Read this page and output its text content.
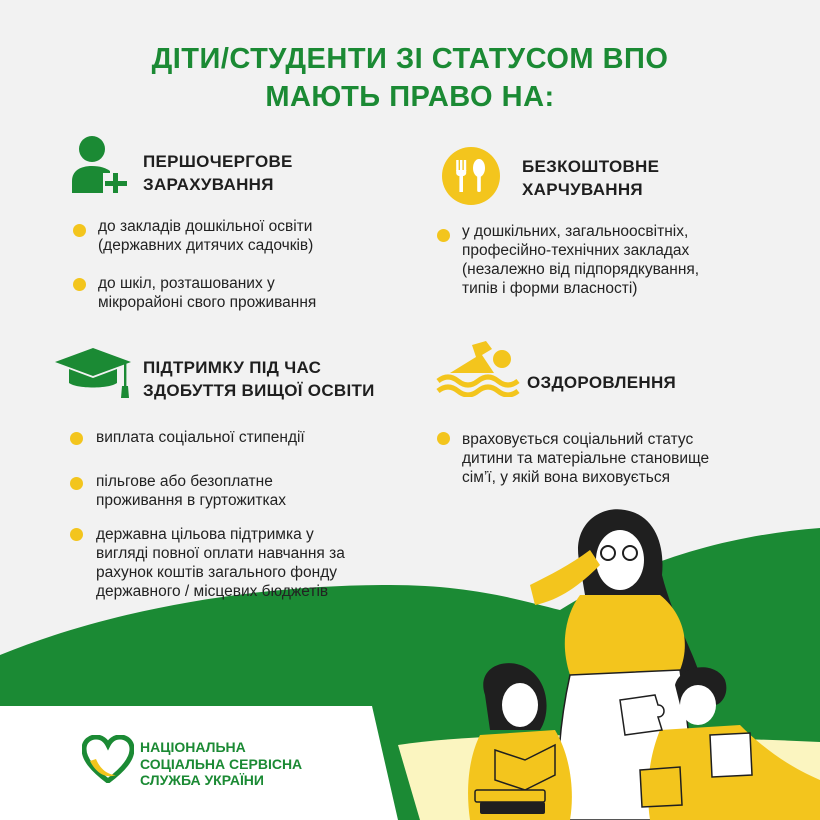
ДІТИ/СТУДЕНТИ ЗІ СТАТУСОМ ВПО
МАЮТЬ ПРАВО НА:
ПЕРШОЧЕРГОВЕ
ЗАРАХУВАННЯ
до закладів дошкільної освіти
(державних дитячих садочків)
до шкіл, розташованих у
мікрорайоні свого проживання
БЕЗКОШТОВНЕ
ХАРЧУВАННЯ
у дошкільних, загальноосвітніх,
професійно-технічних закладах
(незалежно від підпорядкування,
типів і форми власності)
ПІДТРИМКУ ПІД ЧАС
ЗДОБУТТЯ ВИЩОЇ ОСВІТИ
виплата соціальної стипендії
пільгове або безоплатне
проживання в гуртожитках
державна цільова підтримка у
вигляді повної оплати навчання за
рахунок коштів загального фонду
державного / місцевих бюджетів
ОЗДОРОВЛЕННЯ
враховується соціальний статус
дитини та матеріальне становище
сім’ї, у якій вона виховується
НАЦІОНАЛЬНА
СОЦІАЛЬНА СЕРВІСНА
СЛУЖБА УКРАЇНИ
